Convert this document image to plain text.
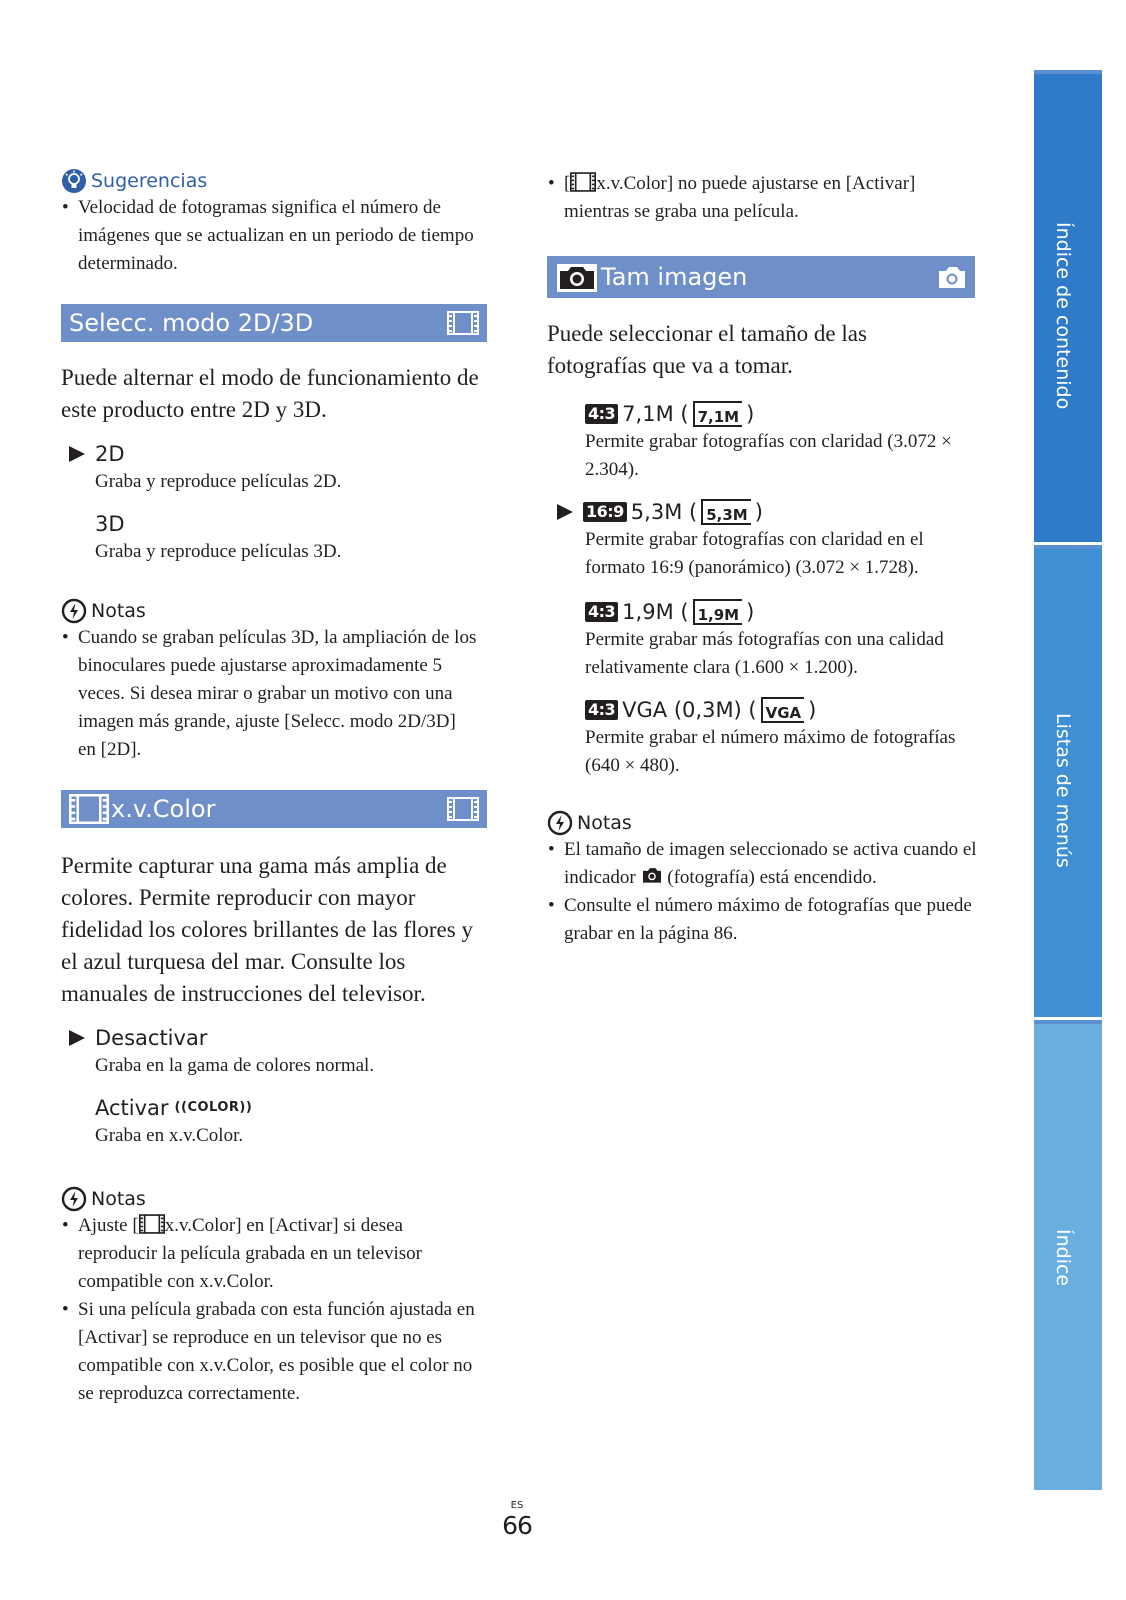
Sugerencias
• Velocidad de fotogramas significa el número de imágenes que se actualizan en un periodo de tiempo determinado.
Selecc. modo 2D/3D

Puede alternar el modo de funcionamiento de este producto entre 2D y 3D.

2D
Graba y reproduce películas 2D.
3D
Graba y reproduce películas 3D.
Notas
• Cuando se graban películas 3D, la ampliación de los binoculares puede ajustarse aproximadamente 5 veces. Si desea mirar o grabar un motivo con una imagen más grande, ajuste [Selecc. modo 2D/3D] en [2D].
x.v.Color

Permite capturar una gama más amplia de colores. Permite reproducir con mayor fidelidad los colores brillantes de las flores y el azul turquesa del mar. Consulte los manuales de instrucciones del televisor.

Desactivar
Graba en la gama de colores normal.
Activar ((COLOR))
Graba en x.v.Color.
Notas
• Ajuste [ x.v.Color] en [Activar] si desea reproducir la película grabada en un televisor compatible con x.v.Color.
• Si una película grabada con esta función ajustada en [Activar] se reproduce en un televisor que no es compatible con x.v.Color, es posible que el color no se reproduzca correctamente.
• [ x.v.Color] no puede ajustarse en [Activar] mientras se graba una película.
Tam imagen

Puede seleccionar el tamaño de las fotografías que va a tomar.

4:3 7,1M ( 7,1M )
Permite grabar fotografías con claridad (3.072 × 2.304).
16:9 5,3M ( 5,3M )
Permite grabar fotografías con claridad en el formato 16:9 (panorámico) (3.072 × 1.728).
4:3 1,9M ( 1,9M )
Permite grabar más fotografías con una calidad relativamente clara (1.600 × 1.200).
4:3 VGA (0,3M) ( VGA )
Permite grabar el número máximo de fotografías (640 × 480).
Notas
• El tamaño de imagen seleccionado se activa cuando el indicador (fotografía) está encendido.
• Consulte el número máximo de fotografías que puede grabar en la página 86.
Índice de contenido
Listas de menús
Índice
ES
66
